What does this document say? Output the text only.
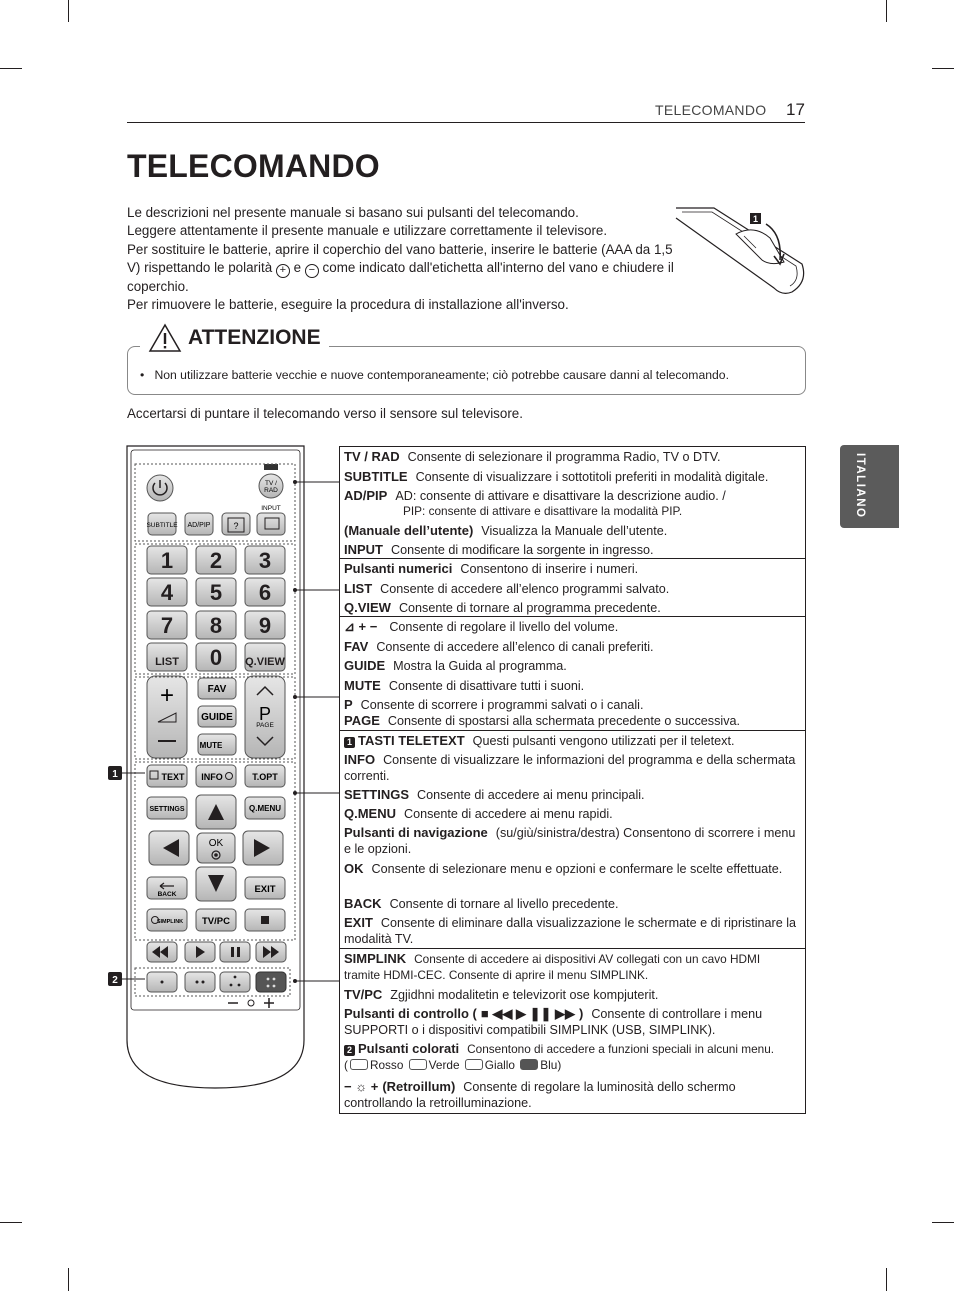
TELECOMANDO 17
TELECOMANDO

Le descrizioni nel presente manuale si basano sui pulsanti del telecomando.

Leggere attentamente il presente manuale e utilizzare correttamente il televisore.

Per sostituire le batterie, aprire il coperchio del vano batterie, inserire le batterie (AAA da 1,5 V) rispettando le polarità + e − come indicato dall'etichetta all'interno del vano e chiudere il coperchio.

Per rimuovere le batterie, eseguire la procedura di installazione all'inverso.

1
ATTENZIONE
•   Non utilizzare batterie vecchie e nuove contemporaneamente; ciò potrebbe causare danni al telecomando.
Accertarsi di puntare il telecomando verso il sensore sul televisore.
ITALIANO
TV /
RAD
SUBTITLE AD/PIP	?
INPUT
1 2 3
4 5 6
7 8 9
LIST 0 Q.VIEW
+	FAV
GUIDE
MUTE
P
PAGE
TEXT INFO	T.OPT
SETTINGS	Q.MENU
OK
BACK	EXIT
SIMPLINK TV/PC
1
2
TV / RAD Consente di selezionare il programma Radio, TV o DTV.
SUBTITLE Consente di visualizzare i sottotitoli preferiti in modalità digitale.
AD/PIP AD: consente di attivare e disattivare la descrizione audio. /
PIP: consente di attivare e disattivare la modalità PIP.
(Manuale dell’utente) Visualizza la Manuale dell’utente.
INPUT Consente di modificare la sorgente in ingresso.
Pulsanti numerici Consentono di inserire i numeri.
LIST Consente di accedere all’elenco programmi salvato.
Q.VIEW Consente di tornare al programma precedente.
⊿ + − Consente di regolare il livello del volume.
FAV Consente di accedere all’elenco di canali preferiti.
GUIDE Mostra la Guida al programma.
MUTE Consente di disattivare tutti i suoni.
P Consente di scorrere i programmi salvati o i canali.
PAGE Consente di spostarsi alla schermata precedente o successiva.
1 TASTI TELETEXT Questi pulsanti vengono utilizzati per il teletext.
INFO Consente di visualizzare le informazioni del programma e della schermata correnti.
SETTINGS Consente di accedere ai menu principali.
Q.MENU Consente di accedere ai menu rapidi.
Pulsanti di navigazione (su/giù/sinistra/destra) Consentono di scorrere i menu e le opzioni.
OK Consente di selezionare menu e opzioni e confermare le scelte effettuate.
BACK Consente di tornare al livello precedente.
EXIT Consente di eliminare dalla visualizzazione le schermate e di ripristinare la modalità TV.
SIMPLINK Consente di accedere ai dispositivi AV collegati con un cavo HDMI tramite HDMI-CEC. Consente di aprire il menu SIMPLINK.
TV/PC Zgjidhni modalitetin e televizorit ose kompjuterit.
Pulsanti di controllo ( ■ ◀◀ ▶ ❚❚ ▶▶ ) Consente di controllare i menu SUPPORTI o i dispositivi compatibili SIMPLINK (USB, SIMPLINK).
2 Pulsanti colorati Consentono di accedere a funzioni speciali in alcuni menu.
( Rosso Verde Giallo Blu)
− ☼ + (Retroillum) Consente di regolare la luminosità dello schermo controllando la retroilluminazione.
